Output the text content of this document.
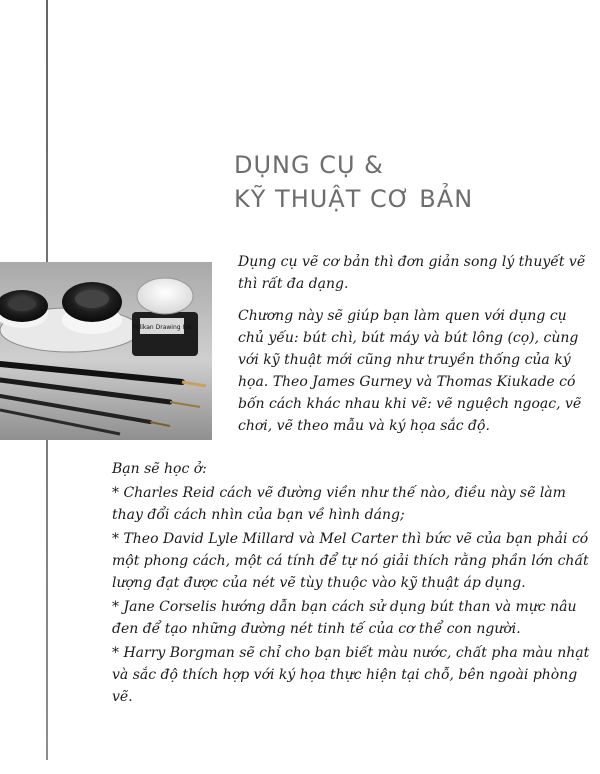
DỤNG CỤ &
KỸ THUẬT CƠ BẢN
Pelikan Drawing Ink

Dụng cụ vẽ cơ bản thì đơn giản song lý thuyết vẽ thì rất đa dạng.

Chương này sẽ giúp bạn làm quen với dụng cụ chủ yếu: bút chì, bút máy và bút lông (cọ), cùng với kỹ thuật mới cũng như truyền thống của ký họa. Theo James Gurney và Thomas Kiukade có bốn cách khác nhau khi vẽ: vẽ nguệch ngoạc, vẽ chơi, vẽ theo mẫu và ký họa sắc độ.

Bạn sẽ học ở:

* Charles Reid cách vẽ đường viền như thế nào, điều này sẽ làm thay đổi cách nhìn của bạn về hình dáng;

* Theo David Lyle Millard và Mel Carter thì bức vẽ của bạn phải có một phong cách, một cá tính để tự nó giải thích rằng phần lớn chất lượng đạt được của nét vẽ tùy thuộc vào kỹ thuật áp dụng.

* Jane Corselis hướng dẫn bạn cách sử dụng bút than và mực nâu đen để tạo những đường nét tinh tế của cơ thể con người.

* Harry Borgman sẽ chỉ cho bạn biết màu nước, chất pha màu nhạt và sắc độ thích hợp với ký họa thực hiện tại chỗ, bên ngoài phòng vẽ.
